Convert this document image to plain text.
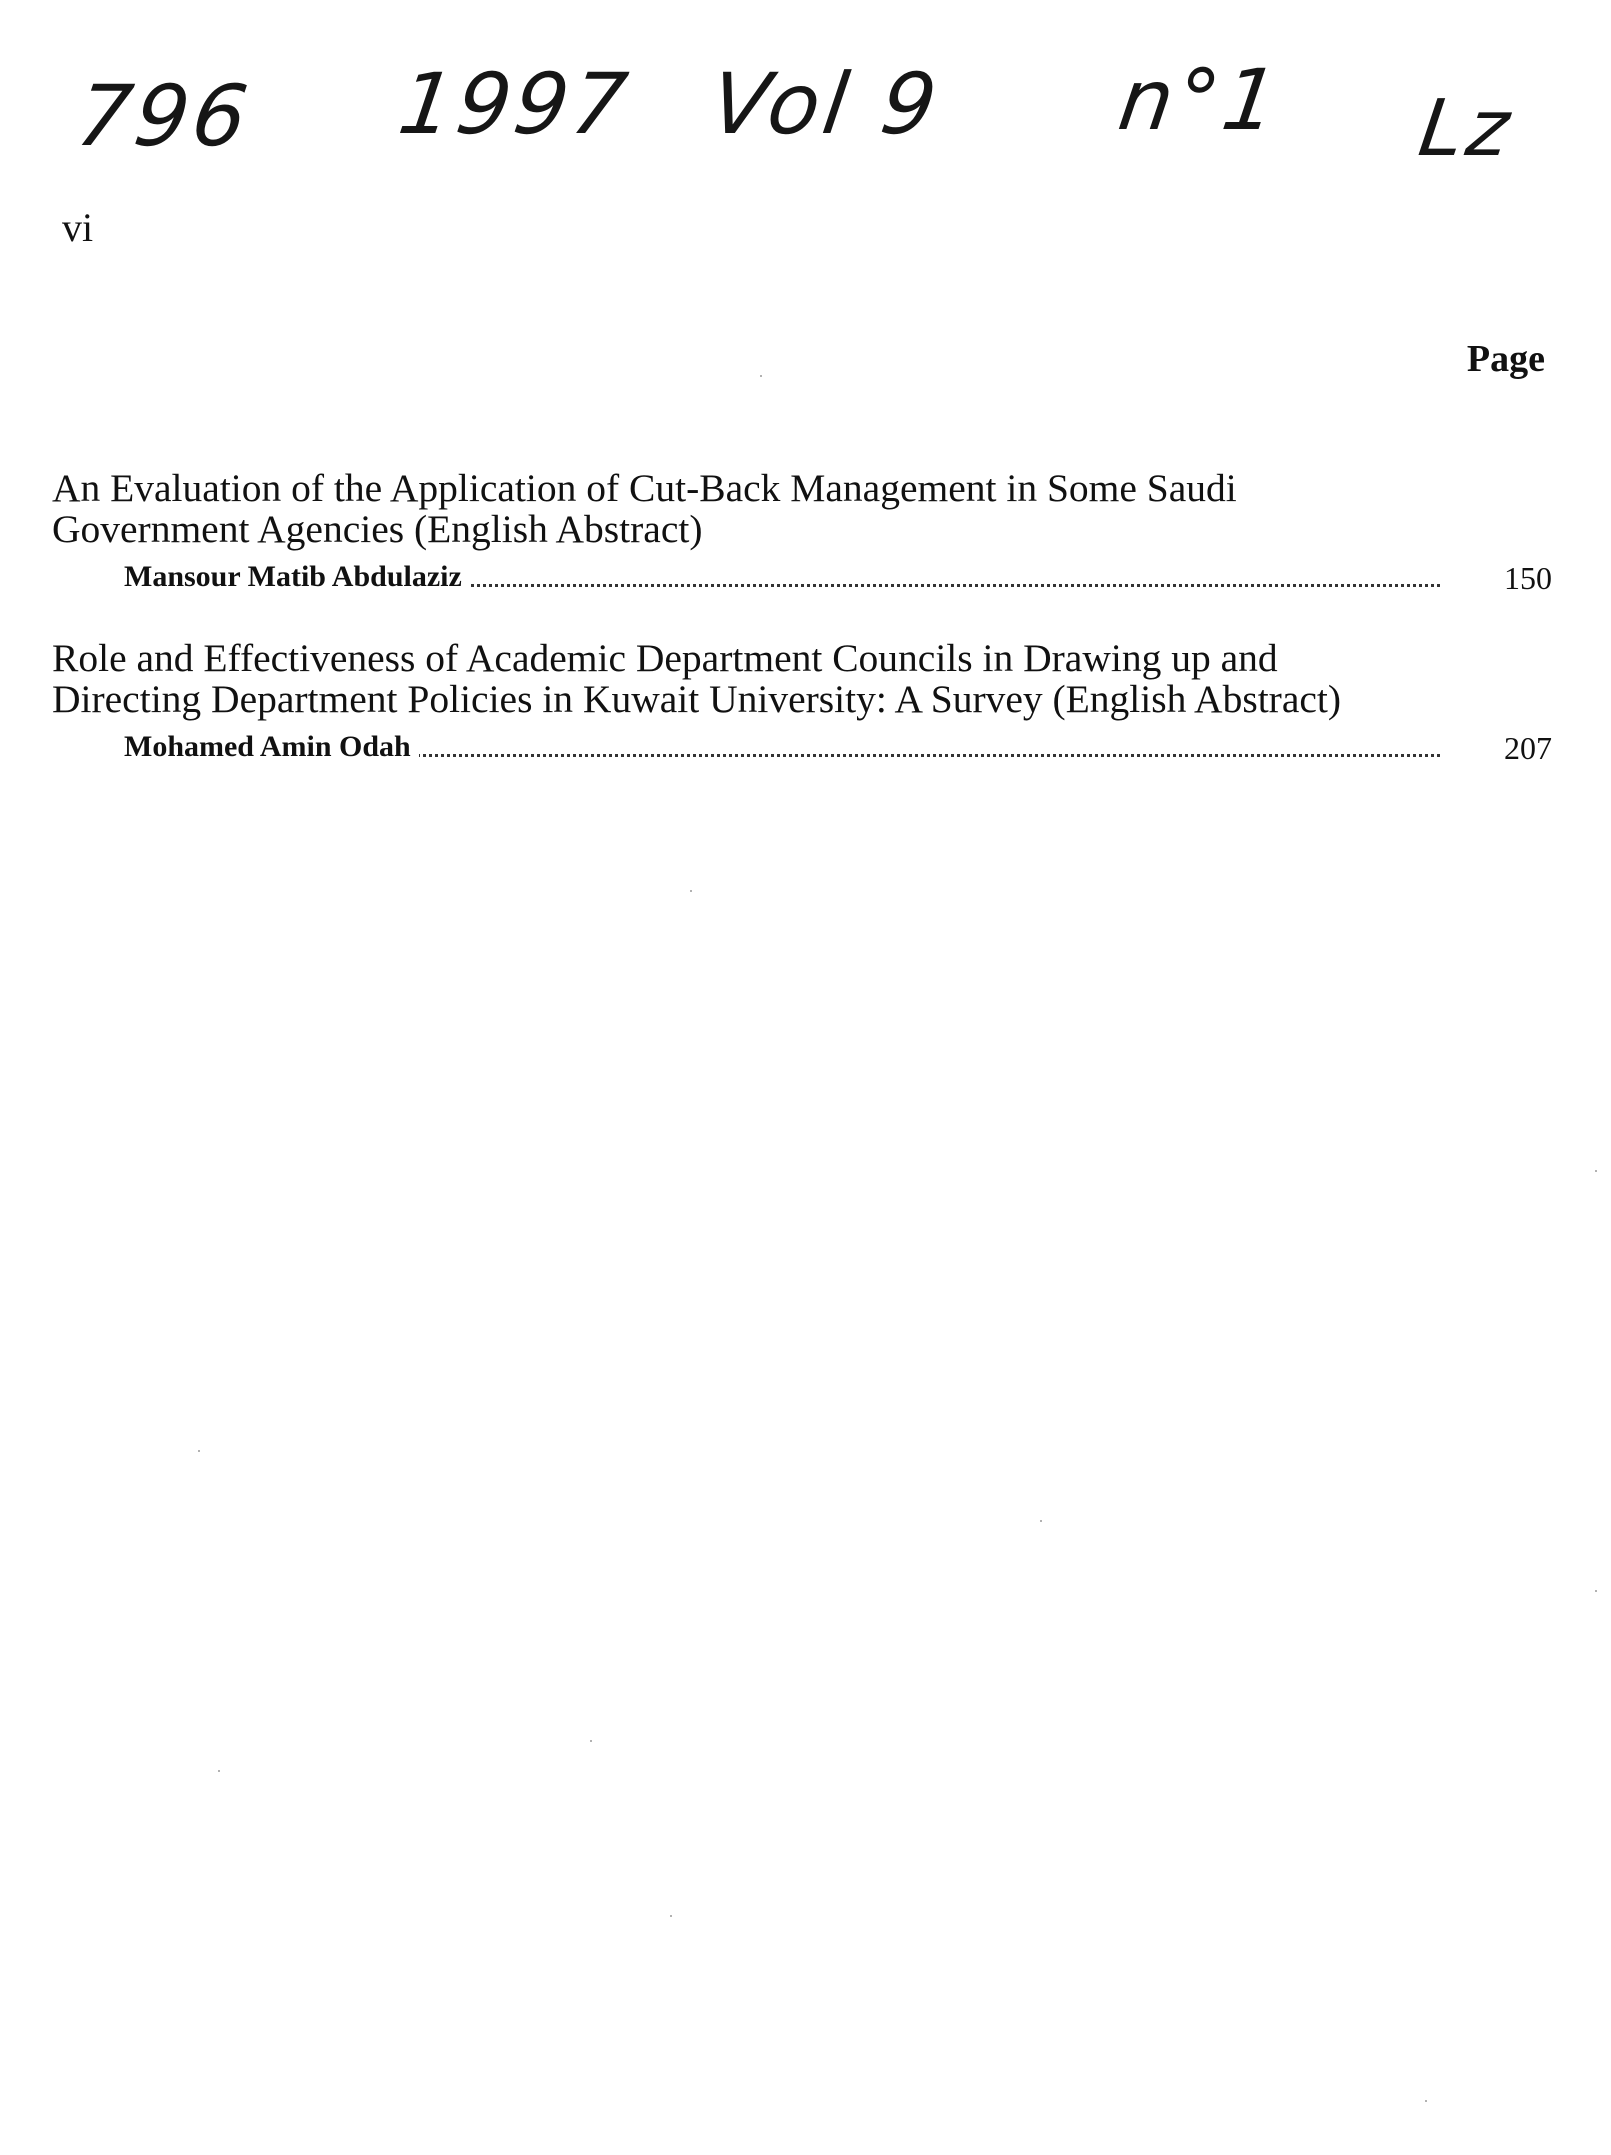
796 1997 Vol 9 n°1 Lz
vi
Page

An Evaluation of the Application of Cut-Back Management in Some Saudi
Government Agencies (English Abstract)

Mansour Matib Abdulaziz	150

Role and Effectiveness of Academic Department Councils in Drawing up and
Directing Department Policies in Kuwait University: A Survey (English Abstract)

Mohamed Amin Odah	207
